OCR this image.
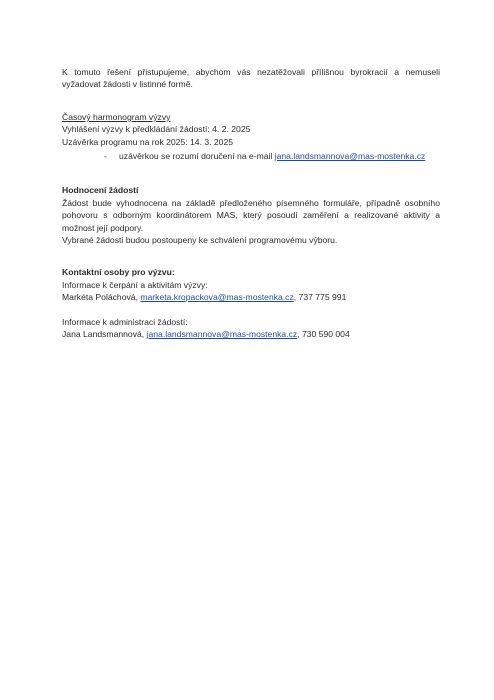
K tomuto řešení přistupujeme, abychom vás nezatěžovali přílišnou byrokracií a nemuseli

vyžadovat žádosti v listinné formě.

Časový harmonogram výzvy

Vyhlášení výzvy k předkládání žádostí: 4. 2. 2025

Uzávěrka programu na rok 2025: 14. 3. 2025

-	uzávěrkou se rozumí doručení na e-mail jana.landsmannova@mas-mostenka.cz

Hodnocení žádostí

Žádost bude vyhodnocena na základě předloženého písemného formuláře, případně osobního

pohovoru s odborným koordinátorem MAS, který posoudí zaměření a realizované aktivity a

možnost její podpory.

Vybrané žádosti budou postoupeny ke schválení programovému výboru.

Kontaktní osoby pro výzvu:

Informace k čerpání a aktivitám výzvy:

Markéta Poláchová, marketa.kropackova@mas-mostenka.cz, 737 775 991

Informace k administraci žádostí:

Jana Landsmannová, jana.landsmannova@mas-mostenka.cz, 730 590 004
